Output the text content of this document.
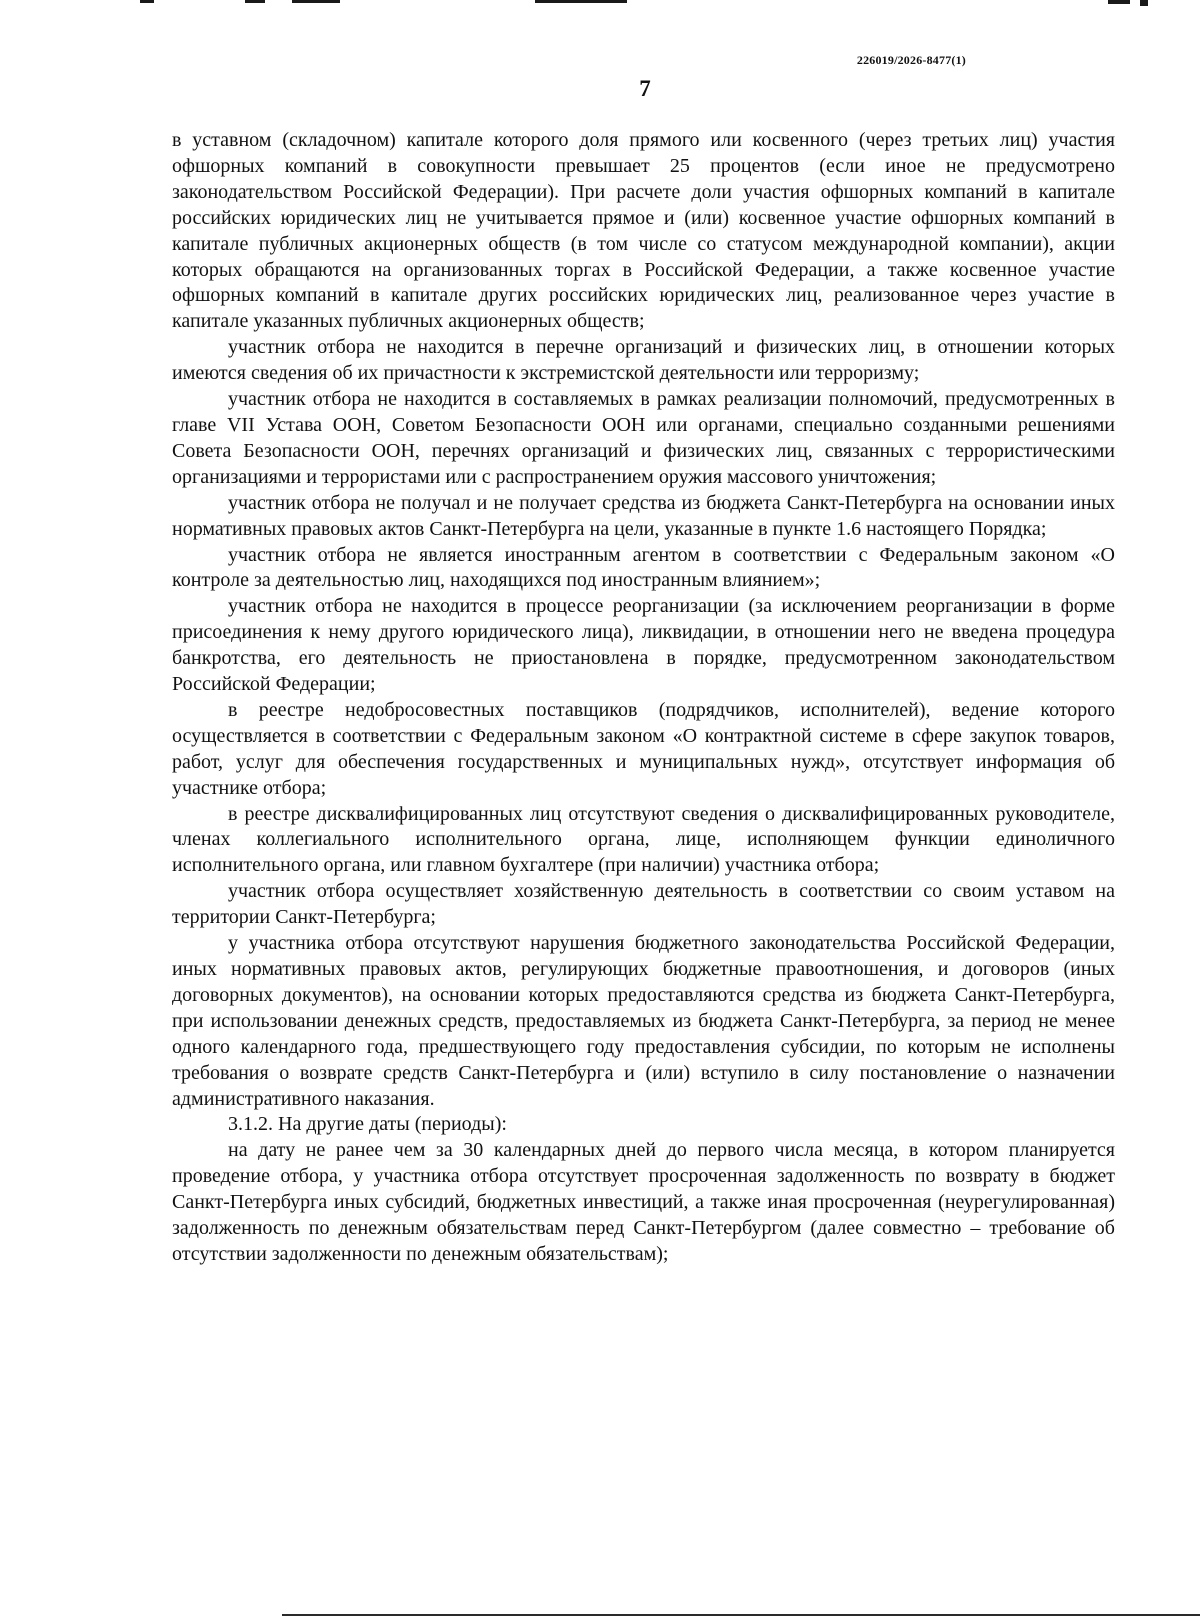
226019/2026-8477(1)
7

в уставном (складочном) капитале которого доля прямого или косвенного (через третьих лиц) участия офшорных компаний в совокупности превышает 25 процентов (если иное не предусмотрено законодательством Российской Федерации). При расчете доли участия офшорных компаний в капитале российских юридических лиц не учитывается прямое и (или) косвенное участие офшорных компаний в капитале публичных акционерных обществ (в том числе со статусом международной компании), акции которых обращаются на организованных торгах в Российской Федерации, а также косвенное участие офшорных компаний в капитале других российских юридических лиц, реализованное через участие в капитале указанных публичных акционерных обществ;

участник отбора не находится в перечне организаций и физических лиц, в отношении которых имеются сведения об их причастности к экстремистской деятельности или терроризму;

участник отбора не находится в составляемых в рамках реализации полномочий, предусмотренных в главе VII Устава ООН, Советом Безопасности ООН или органами, специально созданными решениями Совета Безопасности ООН, перечнях организаций и физических лиц, связанных с террористическими организациями и террористами или с распространением оружия массового уничтожения;

участник отбора не получал и не получает средства из бюджета Санкт-Петербурга на основании иных нормативных правовых актов Санкт-Петербурга на цели, указанные в пункте 1.6 настоящего Порядка;

участник отбора не является иностранным агентом в соответствии с Федеральным законом «О контроле за деятельностью лиц, находящихся под иностранным влиянием»;

участник отбора не находится в процессе реорганизации (за исключением реорганизации в форме присоединения к нему другого юридического лица), ликвидации, в отношении него не введена процедура банкротства, его деятельность не приостановлена в порядке, предусмотренном законодательством Российской Федерации;

в реестре недобросовестных поставщиков (подрядчиков, исполнителей), ведение которого осуществляется в соответствии с Федеральным законом «О контрактной системе в сфере закупок товаров, работ, услуг для обеспечения государственных и муниципальных нужд», отсутствует информация об участнике отбора;

в реестре дисквалифицированных лиц отсутствуют сведения о дисквалифицированных руководителе, членах коллегиального исполнительного органа, лице, исполняющем функции единоличного исполнительного органа, или главном бухгалтере (при наличии) участника отбора;

участник отбора осуществляет хозяйственную деятельность в соответствии со своим уставом на территории Санкт-Петербурга;

у участника отбора отсутствуют нарушения бюджетного законодательства Российской Федерации, иных нормативных правовых актов, регулирующих бюджетные правоотношения, и договоров (иных договорных документов), на основании которых предоставляются средства из бюджета Санкт-Петербурга, при использовании денежных средств, предоставляемых из бюджета Санкт-Петербурга, за период не менее одного календарного года, предшествующего году предоставления субсидии, по которым не исполнены требования о возврате средств Санкт-Петербурга и (или) вступило в силу постановление о назначении административного наказания.

3.1.2. На другие даты (периоды):

на дату не ранее чем за 30 календарных дней до первого числа месяца, в котором планируется проведение отбора, у участника отбора отсутствует просроченная задолженность по возврату в бюджет Санкт-Петербурга иных субсидий, бюджетных инвестиций, а также иная просроченная (неурегулированная) задолженность по денежным обязательствам перед Санкт-Петербургом (далее совместно – требование об отсутствии задолженности по денежным обязательствам);
